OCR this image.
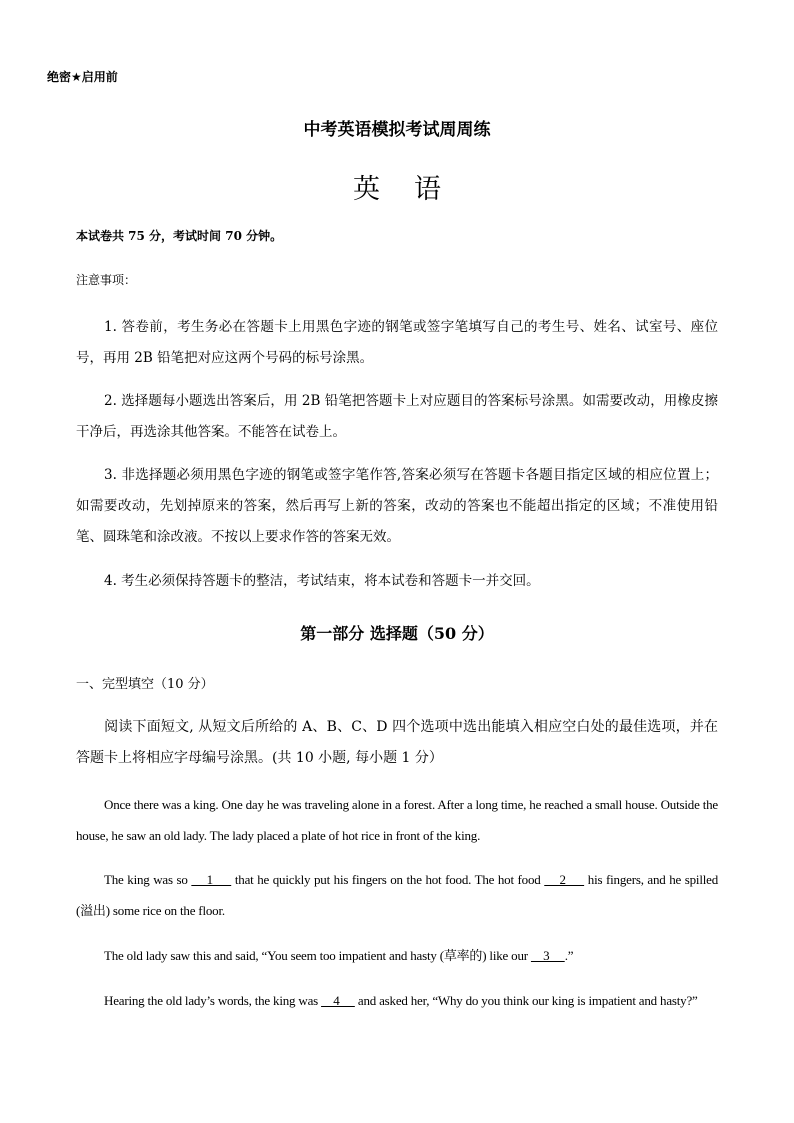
绝密★启用前
中考英语模拟考试周周练
英语
本试卷共 75 分，考试时间 70 分钟。
注意事项：
1. 答卷前，考生务必在答题卡上用黑色字迹的钢笔或签字笔填写自己的考生号、姓名、试室号、座位号，再用 2B 铅笔把对应这两个号码的标号涂黑。
2. 选择题每小题选出答案后，用 2B 铅笔把答题卡上对应题目的答案标号涂黑。如需要改动，用橡皮擦干净后，再选涂其他答案。不能答在试卷上。
3. 非选择题必须用黑色字迹的钢笔或签字笔作答,答案必须写在答题卡各题目指定区域的相应位置上；如需要改动，先划掉原来的答案，然后再写上新的答案，改动的答案也不能超出指定的区域；不准使用铅笔、圆珠笔和涂改液。不按以上要求作答的答案无效。
4. 考生必须保持答题卡的整洁，考试结束，将本试卷和答题卡一并交回。
第一部分 选择题（50 分）
一、完型填空（10 分）
阅读下面短文, 从短文后所给的 A、B、C、D 四个选项中选出能填入相应空白处的最佳选项，并在答题卡上将相应字母编号涂黑。(共 10 小题, 每小题 1 分）
Once there was a king. One day he was traveling alone in a forest. After a long time, he reached a small house. Outside the house, he saw an old lady. The lady placed a plate of hot rice in front of the king.
The king was so      1       that he quickly put his fingers on the hot food. The hot food      2       his fingers, and he spilled (溢出) some rice on the floor.
The old lady saw this and said, “You seem too impatient and hasty (草率的) like our     3     .”
Hearing the old lady’s words, the king was     4      and asked her, “Why do you think our king is impatient and hasty?”
